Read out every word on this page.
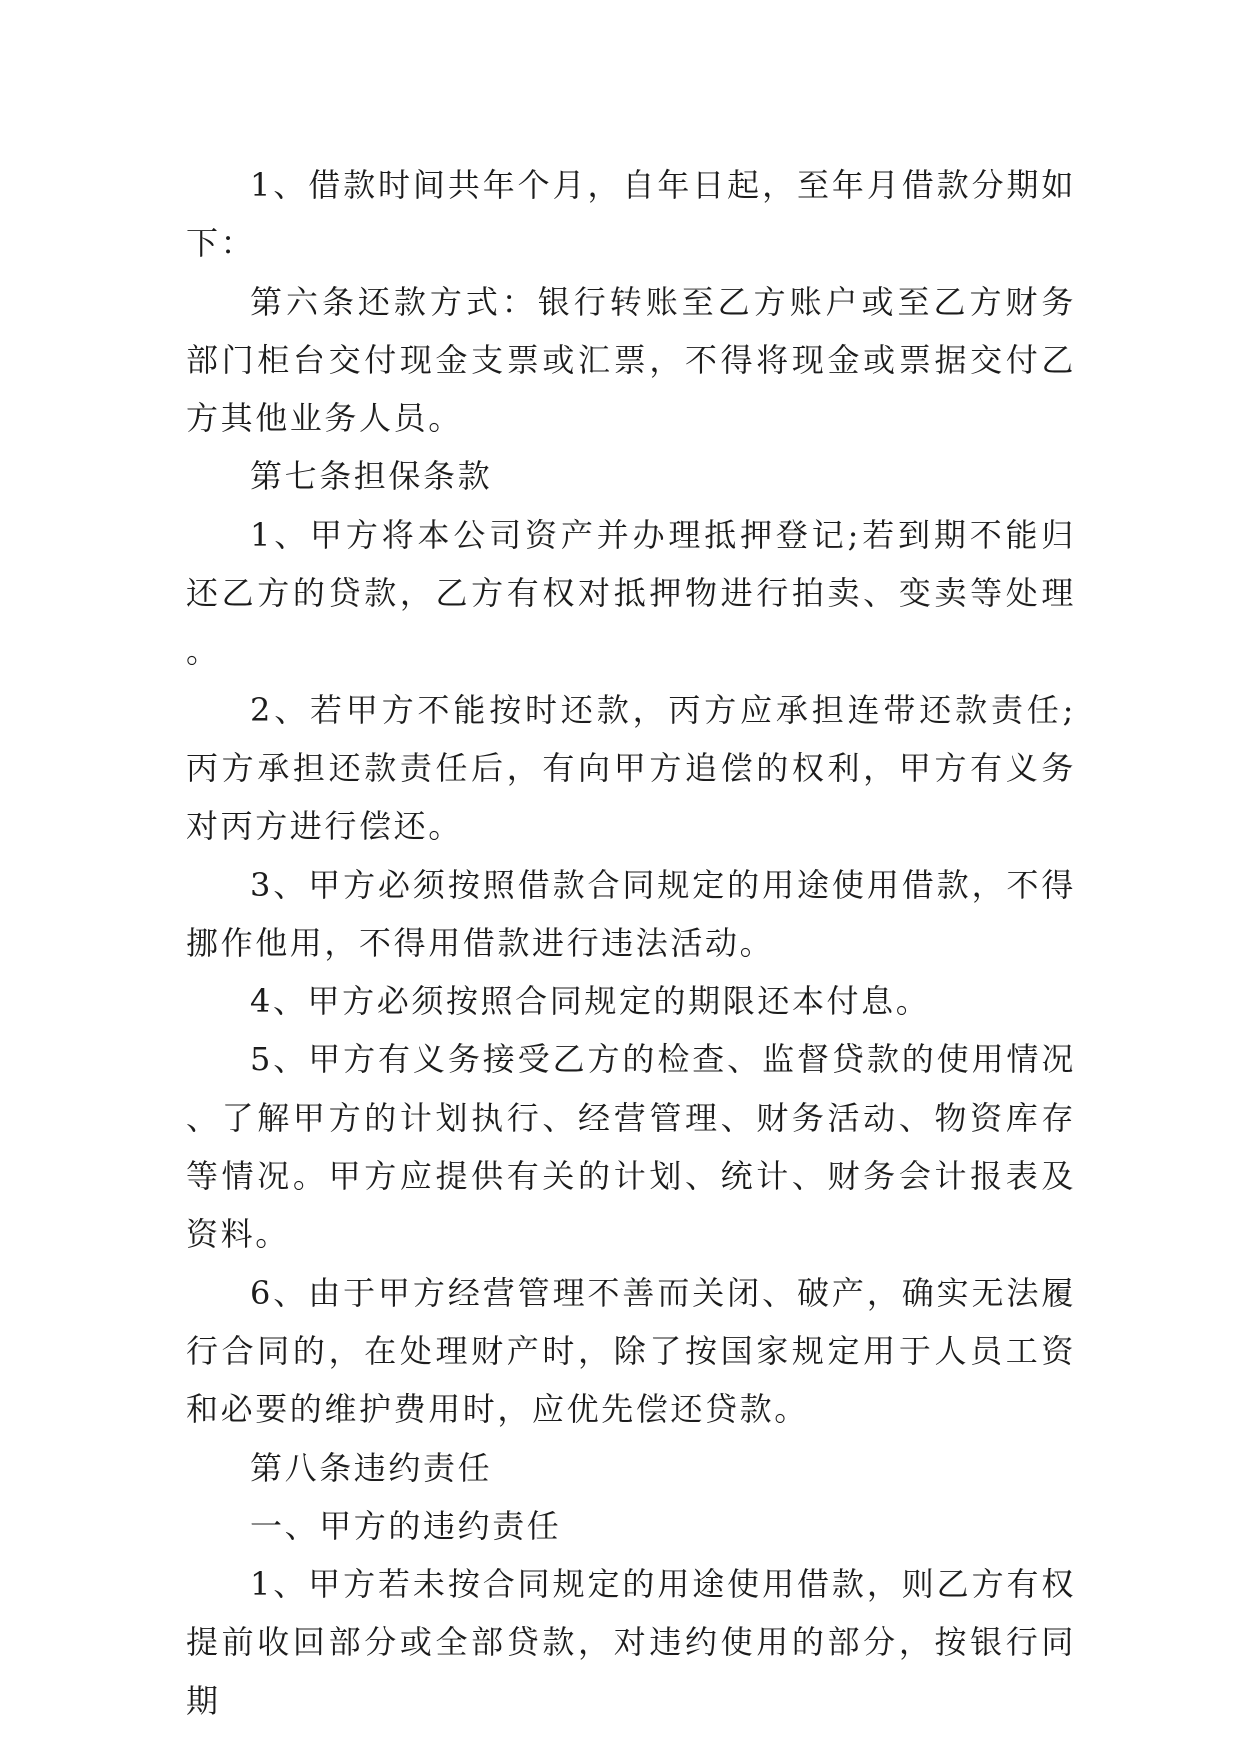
1、借款时间共年个月，自年日起，至年月借款分期如下：

第六条还款方式：银行转账至乙方账户或至乙方财务部门柜台交付现金支票或汇票，不得将现金或票据交付乙方其他业务人员。

第七条担保条款

1、甲方将本公司资产并办理抵押登记;若到期不能归还乙方的贷款，乙方有权对抵押物进行拍卖、变卖等处理。

2、若甲方不能按时还款，丙方应承担连带还款责任;丙方承担还款责任后，有向甲方追偿的权利，甲方有义务对丙方进行偿还。

3、甲方必须按照借款合同规定的用途使用借款，不得挪作他用，不得用借款进行违法活动。

4、甲方必须按照合同规定的期限还本付息。

5、甲方有义务接受乙方的检查、监督贷款的使用情况、了解甲方的计划执行、经营管理、财务活动、物资库存等情况。甲方应提供有关的计划、统计、财务会计报表及资料。

6、由于甲方经营管理不善而关闭、破产，确实无法履行合同的，在处理财产时，除了按国家规定用于人员工资和必要的维护费用时，应优先偿还贷款。

第八条违约责任

一、甲方的违约责任

1、甲方若未按合同规定的用途使用借款，则乙方有权提前收回部分或全部贷款，对违约使用的部分，按银行同期
